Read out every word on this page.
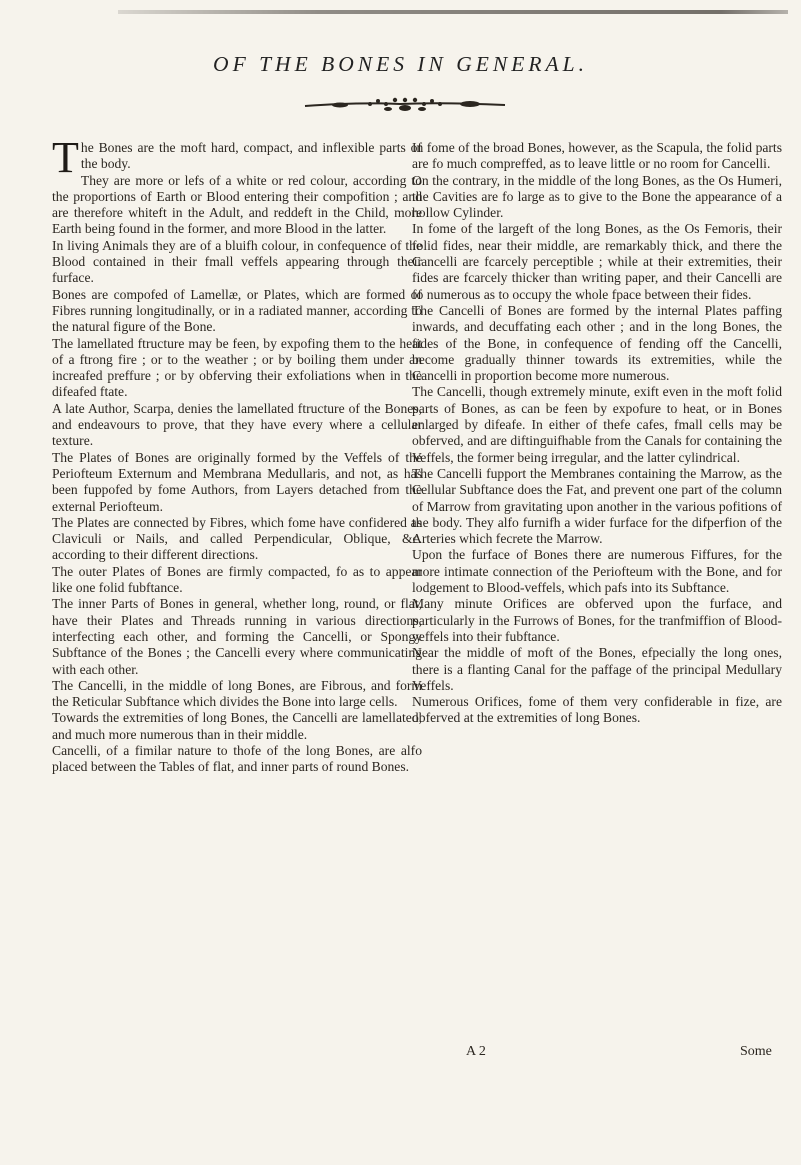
OF THE BONES IN GENERAL.

The Bones are the moft hard, compact, and inflexible parts of the body.

They are more or lefs of a white or red colour, according to the proportions of Earth or Blood entering their compofition ; and are therefore whiteft in the Adult, and reddeft in the Child, more Earth being found in the former, and more Blood in the latter.

In living Animals they are of a bluifh colour, in confequence of the Blood contained in their fmall veffels appearing through their furface.

Bones are compofed of Lamellæ, or Plates, which are formed of Fibres running longitudinally, or in a radiated manner, according to the natural figure of the Bone.

The lamellated ftructure may be feen, by expofing them to the heat of a ftrong fire ; or to the weather ; or by boiling them under an increafed preffure ; or by obferving their exfoliations when in the difeafed ftate.

A late Author, Scarpa, denies the lamellated ftructure of the Bones, and endeavours to prove, that they have every where a cellular texture.

The Plates of Bones are originally formed by the Veffels of the Periofteum Externum and Membrana Medullaris, and not, as has been fuppofed by fome Authors, from Layers detached from the external Periofteum.

The Plates are connected by Fibres, which fome have confidered as Claviculi or Nails, and called Perpendicular, Oblique, &c. according to their different directions.

The outer Plates of Bones are firmly compacted, fo as to appear like one folid fubftance.

The inner Parts of Bones in general, whether long, round, or flat, have their Plates and Threads running in various directions, interfecting each other, and forming the Cancelli, or Spongy Subftance of the Bones ; the Cancelli every where communicating with each other.

The Cancelli, in the middle of long Bones, are Fibrous, and form the Reticular Subftance which divides the Bone into large cells.

Towards the extremities of long Bones, the Cancelli are lamellated, and much more numerous than in their middle.

Cancelli, of a fimilar nature to thofe of the long Bones, are alfo placed between the Tables of flat, and inner parts of round Bones.

In fome of the broad Bones, however, as the Scapula, the folid parts are fo much compreffed, as to leave little or no room for Cancelli.

On the contrary, in the middle of the long Bones, as the Os Humeri, the Cavities are fo large as to give to the Bone the appearance of a hollow Cylinder.

In fome of the largeft of the long Bones, as the Os Femoris, their folid fides, near their middle, are remarkably thick, and there the Cancelli are fcarcely perceptible ; while at their extremities, their fides are fcarcely thicker than writing paper, and their Cancelli are fo numerous as to occupy the whole fpace between their fides.

The Cancelli of Bones are formed by the internal Plates paffing inwards, and decuffating each other ; and in the long Bones, the fides of the Bone, in confequence of fending off the Cancelli, become gradually thinner towards its extremities, while the Cancelli in proportion become more numerous.

The Cancelli, though extremely minute, exift even in the moft folid parts of Bones, as can be feen by expofure to heat, or in Bones enlarged by difeafe. In either of thefe cafes, fmall cells may be obferved, and are diftinguifhable from the Canals for containing the Veffels, the former being irregular, and the latter cylindrical.

The Cancelli fupport the Membranes containing the Marrow, as the Cellular Subftance does the Fat, and prevent one part of the column of Marrow from gravitating upon another in the various pofitions of the body. They alfo furnifh a wider furface for the difperfion of the Arteries which fecrete the Marrow.

Upon the furface of Bones there are numerous Fiffures, for the more intimate connection of the Periofteum with the Bone, and for lodgement to Blood-veffels, which pafs into its Subftance.

Many minute Orifices are obferved upon the furface, and particularly in the Furrows of Bones, for the tranfmiffion of Blood-veffels into their fubftance.

Near the middle of moft of the Bones, efpecially the long ones, there is a flanting Canal for the paffage of the principal Medullary Veffels.

Numerous Orifices, fome of them very confiderable in fize, are obferved at the extremities of long Bones.

A 2	Some
